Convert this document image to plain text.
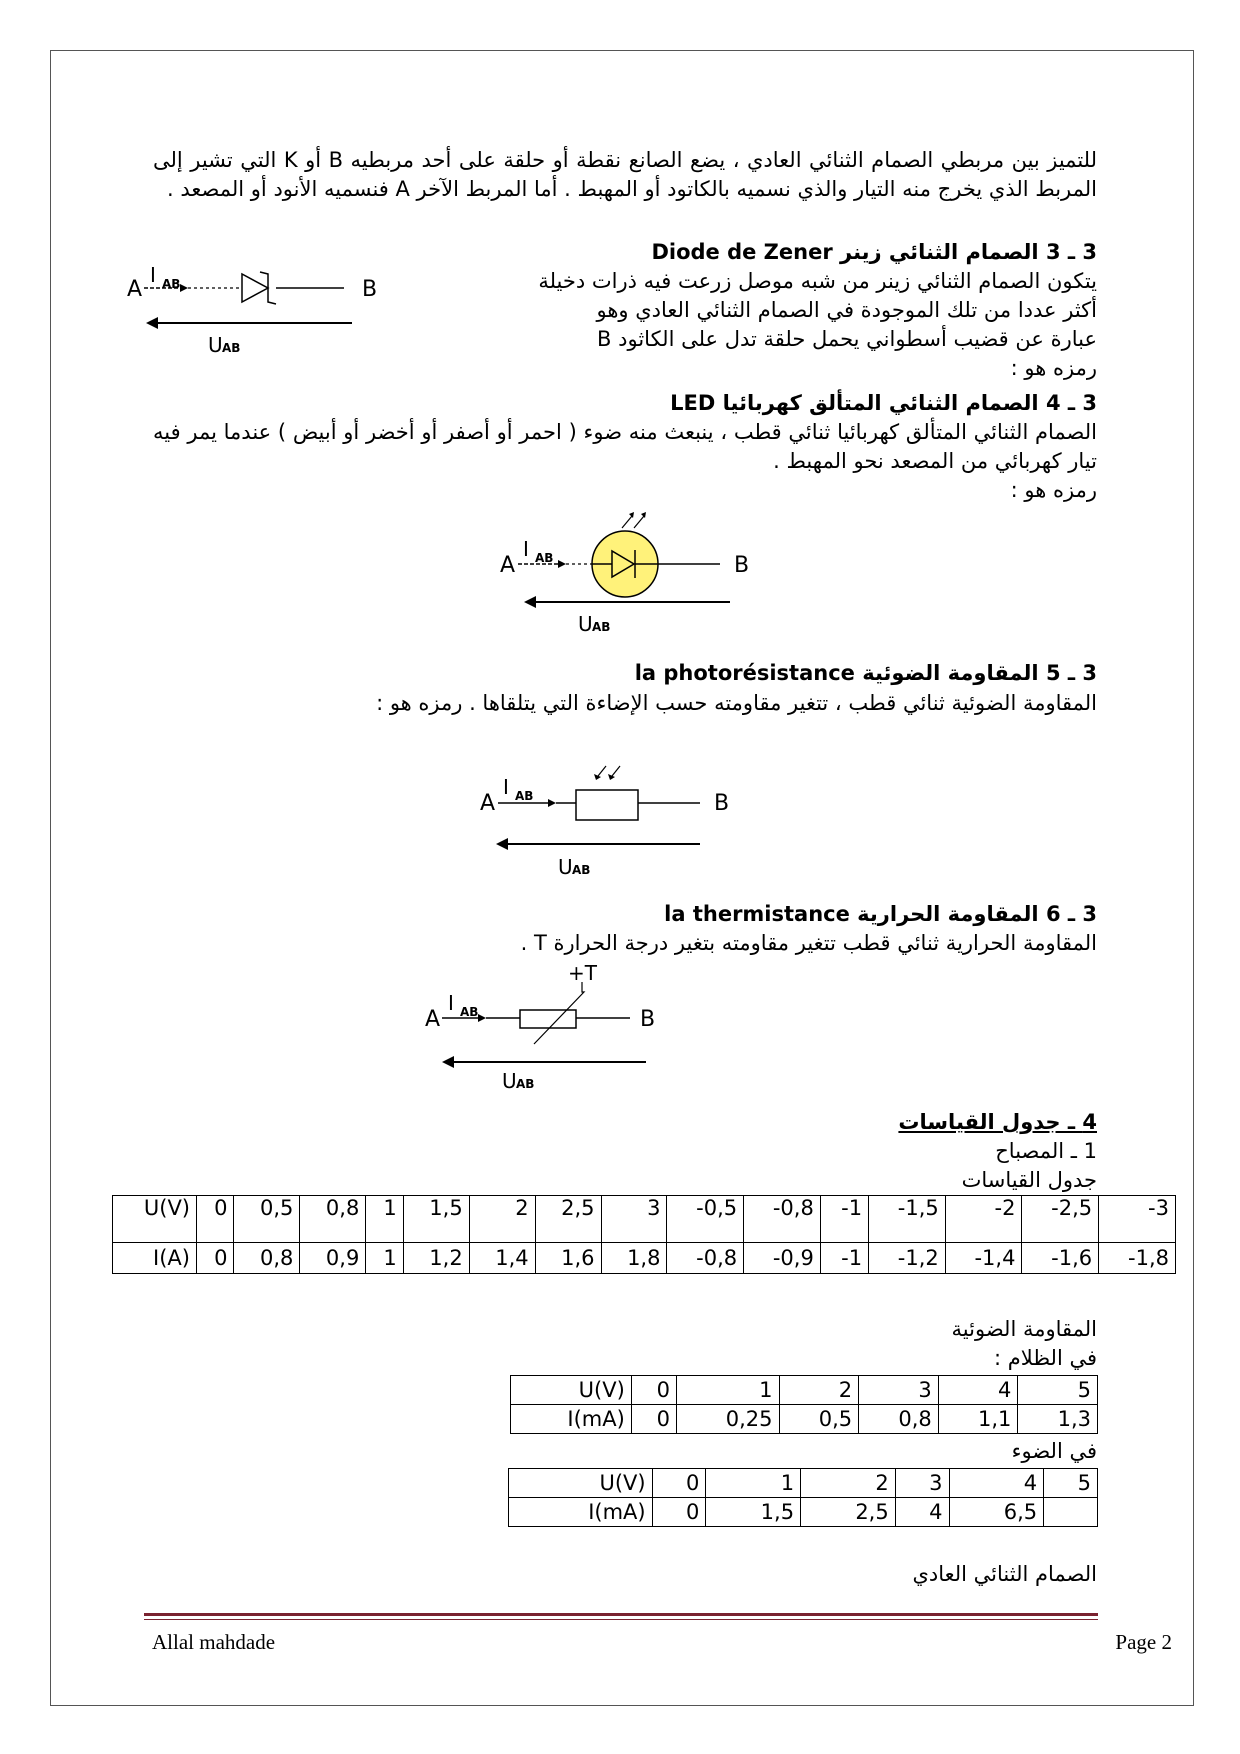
للتميز بين مربطي الصمام الثنائي العادي ، يضع الصانع نقطة أو حلقة على أحد مربطيه B أو K التي تشير إلى المربط الذي يخرج منه التيار والذي نسميه بالكاتود أو المهبط . أما المربط الآخر A فنسميه الأنود أو المصعد .
3 ـ 3 الصمام الثنائي زينر Diode de Zener
يتكون الصمام الثنائي زينر من شبه موصل زرعت فيه ذرات دخيلة
أكثر عددا من تلك الموجودة في الصمام الثنائي العادي وهو
عبارة عن قضيب أسطواني يحمل حلقة تدل على الكاثود B
رمزه هو :
A
I AB	B
U AB
3 ـ 4 الصمام الثنائي المتألق كهربائيا LED
الصمام الثنائي المتألق كهربائيا ثنائي قطب ، ينبعث منه ضوء ( احمر أو أصفر أو أخضر أو أبيض ) عندما يمر فيه تيار كهربائي من المصعد نحو المهبط .
رمزه هو :
A
I AB	B
U AB
3 ـ 5 المقاومة الضوئية la photorésistance
المقاومة الضوئية ثنائي قطب ، تتغير مقاومته حسب الإضاءة التي يتلقاها . رمزه هو :
A
I AB	B
U AB
3 ـ 6 المقاومة الحرارية la thermistance
المقاومة الحرارية ثنائي قطب تتغير مقاومته بتغير درجة الحرارة T .
A
I AB	B
+T
U AB
4 ـ جدول القياسات
1 ـ المصباح
جدول القياسات
U(V)	0	0,5	0,8	1	1,5	2	2,5	3	-0,5	-0,8	-1	-1,5	-2	-2,5	-3
I(A)	0	0,8	0,9	1	1,2	1,4	1,6	1,8	-0,8	-0,9	-1	-1,2	-1,4	-1,6	-1,8
المقاومة الضوئية
في الظلام :
U(V)	0	1	2	3	4	5
I(mA)	0	0,25	0,5	0,8	1,1	1,3
في الضوء
U(V)	0	1	2	3	4	5
I(mA)	0	1,5	2,5	4	6,5	
الصمام الثنائي العادي
Allal mahdade	Page 2
